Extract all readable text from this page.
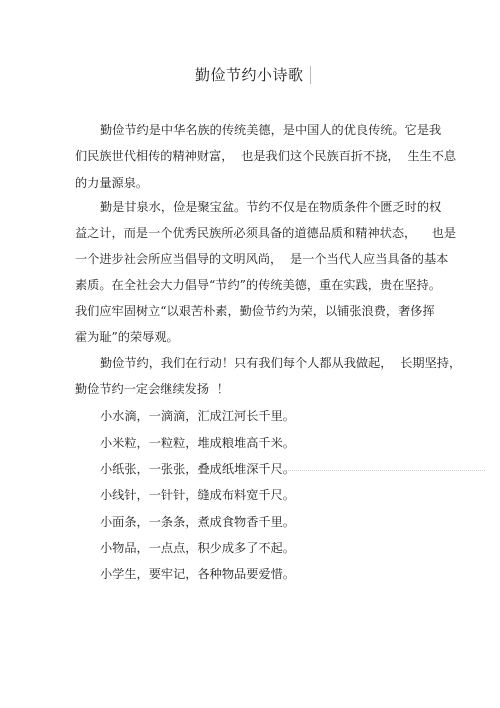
勤俭节约小诗歌

勤俭节约是中华名族的传统美德，是中国人的优良传统。它是我

们民族世代相传的精神财富，  也是我们这个民族百折不挠，  生生不息

的力量源泉。

勤是甘泉水，俭是聚宝盆。节约不仅是在物质条件个匮乏时的权

益之计，而是一个优秀民族所必须具备的道德品质和精神状态，    也是

一个进步社会所应当倡导的文明风尚，  是一个当代人应当具备的基本

素质。在全社会大力倡导“节约”的传统美德，重在实践，贵在坚持。

我们应牢固树立“以艰苦朴素，勤俭节约为荣，以铺张浪费，奢侈挥

霍为耻”的荣辱观。

勤俭节约，我们在行动！只有我们每个人都从我做起，  长期坚持，

勤俭节约一定会继续发扬  ！

小水滴，一滴滴，汇成江河长千里。

小米粒，一粒粒，堆成粮堆高千米。

小纸张，一张张，叠成纸堆深千尺。

小线针，一针针，缝成布料宽千尺。

小面条，一条条，煮成食物香千里。

小物品，一点点，积少成多了不起。

小学生，要牢记，各种物品要爱惜。
